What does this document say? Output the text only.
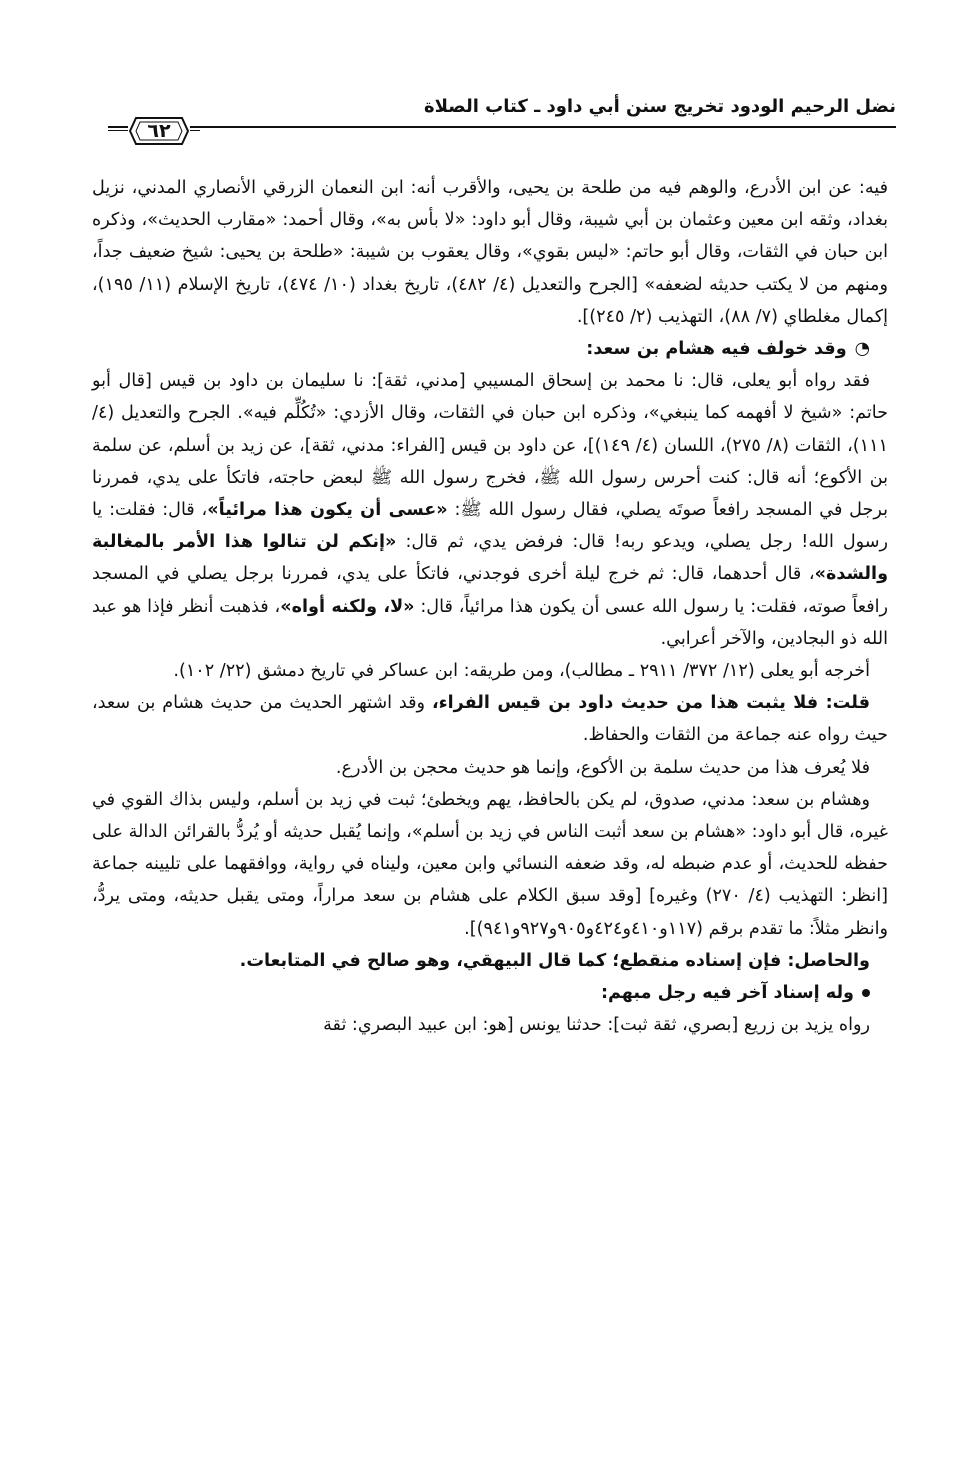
نضل الرحيم الودود تخريج سنن أبي داود ـ كتاب الصلاة
٦٢

فيه: عن ابن الأدرع، والوهم فيه من طلحة بن يحيى، والأقرب أنه: ابن النعمان الزرقي الأنصاري المدني، نزيل بغداد، وثقه ابن معين وعثمان بن أبي شيبة، وقال أبو داود: «لا بأس به»، وقال أحمد: «مقارب الحديث»، وذكره ابن حبان في الثقات، وقال أبو حاتم: «ليس بقوي»، وقال يعقوب بن شيبة: «طلحة بن يحيى: شيخ ضعيف جداً، ومنهم من لا يكتب حديثه لضعفه» [الجرح والتعديل (٤/ ٤٨٢)، تاريخ بغداد (١٠/ ٤٧٤)، تاريخ الإسلام (١١/ ١٩٥)، إكمال مغلطاي (٧/ ٨٨)، التهذيب (٢/ ٢٤٥)].

◔وقد خولف فيه هشام بن سعد:

فقد رواه أبو يعلى، قال: نا محمد بن إسحاق المسيبي [مدني، ثقة]: نا سليمان بن داود بن قيس [قال أبو حاتم: «شيخ لا أفهمه كما ينبغي»، وذكره ابن حبان في الثقات، وقال الأزدي: «تُكُلِّم فيه». الجرح والتعديل (٤/ ١١١)، الثقات (٨/ ٢٧٥)، اللسان (٤/ ١٤٩)]، عن داود بن قيس [الفراء: مدني، ثقة]، عن زيد بن أسلم، عن سلمة بن الأكوع؛ أنه قال: كنت أحرس رسول الله ﷺ، فخرج رسول الله ﷺ لبعض حاجته، فاتكأ على يدي، فمررنا برجل في المسجد رافعاً صوتَه يصلي، فقال رسول الله ﷺ: «عسى أن يكون هذا مرائياً»، قال: فقلت: يا رسول الله! رجل يصلي، ويدعو ربه! قال: فرفض يدي، ثم قال: «إنكم لن تنالوا هذا الأمر بالمغالبة والشدة»، قال أحدهما، قال: ثم خرج ليلة أخرى فوجدني، فاتكأ على يدي، فمررنا برجل يصلي في المسجد رافعاً صوته، فقلت: يا رسول الله عسى أن يكون هذا مرائياً، قال: «لا، ولكنه أواه»، فذهبت أنظر فإذا هو عبد الله ذو البجادين، والآخر أعرابي.

أخرجه أبو يعلى (١٢/ ٣٧٢/ ٢٩١١ ـ مطالب)، ومن طريقه: ابن عساكر في تاريخ دمشق (٢٢/ ١٠٢).

قلت: فلا يثبت هذا من حديث داود بن قيس الفراء، وقد اشتهر الحديث من حديث هشام بن سعد، حيث رواه عنه جماعة من الثقات والحفاظ.

فلا يُعرف هذا من حديث سلمة بن الأكوع، وإنما هو حديث محجن بن الأدرع.

وهشام بن سعد: مدني، صدوق، لم يكن بالحافظ، يهم ويخطئ؛ ثبت في زيد بن أسلم، وليس بذاك القوي في غيره، قال أبو داود: «هشام بن سعد أثبت الناس في زيد بن أسلم»، وإنما يُقبل حديثه أو يُردُّ بالقرائن الدالة على حفظه للحديث، أو عدم ضبطه له، وقد ضعفه النسائي وابن معين، وليناه في رواية، ووافقهما على تليينه جماعة [انظر: التهذيب (٤/ ٢٧٠) وغيره] [وقد سبق الكلام على هشام بن سعد مراراً، ومتى يقبل حديثه، ومتى يردُّ، وانظر مثلاً: ما تقدم برقم (١١٧و٤١٠و٤٢٤و٩٠٥و٩٢٧و٩٤١)].

والحاصل: فإن إسناده منقطع؛ كما قال البيهقي، وهو صالح في المتابعات.

وله إسناد آخر فيه رجل مبهم:

رواه يزيد بن زريع [بصري، ثقة ثبت]: حدثنا يونس [هو: ابن عبيد البصري: ثقة
